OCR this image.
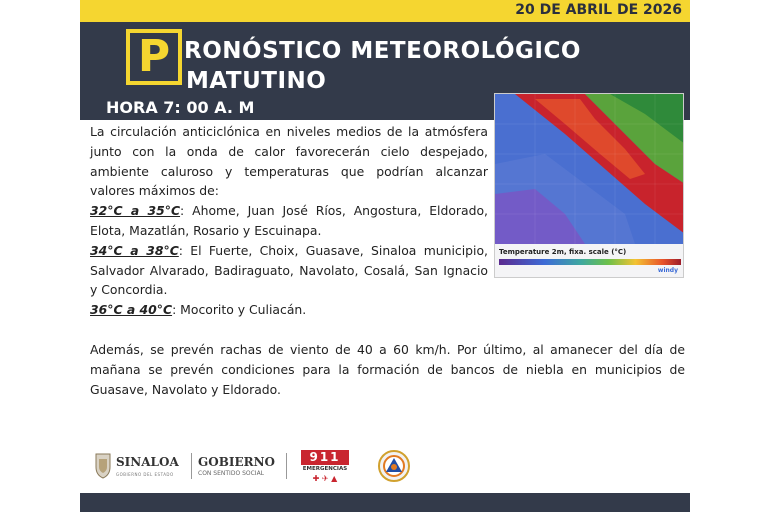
20 DE ABRIL DE 2026
P RONÓSTICO METEOROLÓGICO
MATUTINO
HORA 7: 00 A. M
Temperature 2m, fixa. scale (°C)
windy

La circulación anticiclónica en niveles medios de la atmósfera junto con la onda de calor favorecerán cielo despejado, ambiente caluroso y temperaturas que podrían alcanzar valores máximos de:

32°C a 35°C: Ahome, Juan José Ríos, Angostura, Eldorado, Elota, Mazatlán, Rosario y Escuinapa.

34°C a 38°C: El Fuerte, Choix, Guasave, Sinaloa municipio, Salvador Alvarado, Badiraguato, Navolato, Cosalá, San Ignacio y Concordia.

36°C a 40°C: Mocorito y Culiacán.

Además, se prevén rachas de viento de 40 a 60 km/h. Por último, al amanecer del día de mañana se prevén condiciones para la formación de bancos de niebla en municipios de Guasave, Navolato y Eldorado.

SINALOA
GOBIERNO DEL ESTADO
GOBIERNO
CON SENTIDO SOCIAL
911
EMERGENCIAS
✚ ✈ ▲
